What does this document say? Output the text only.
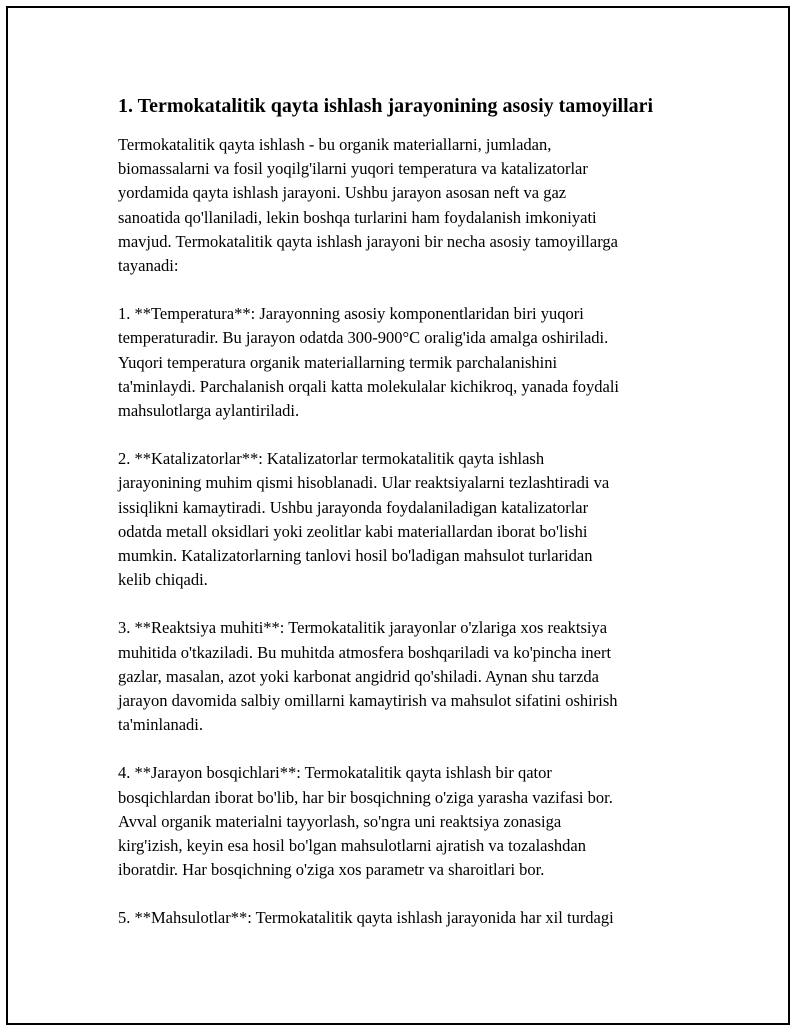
1. Termokatalitik qayta ishlash jarayonining asosiy tamoyillari

Termokatalitik qayta ishlash - bu organik materiallarni, jumladan,
biomassalarni va fosil yoqilg'ilarni yuqori temperatura va katalizatorlar
yordamida qayta ishlash jarayoni. Ushbu jarayon asosan neft va gaz
sanoatida qo'llaniladi, lekin boshqa turlarini ham foydalanish imkoniyati
mavjud. Termokatalitik qayta ishlash jarayoni bir necha asosiy tamoyillarga
tayanadi:

1. **Temperatura**: Jarayonning asosiy komponentlaridan biri yuqori
temperaturadir. Bu jarayon odatda 300-900°C oralig'ida amalga oshiriladi.
Yuqori temperatura organik materiallarning termik parchalanishini
ta'minlaydi. Parchalanish orqali katta molekulalar kichikroq, yanada foydali
mahsulotlarga aylantiriladi.

2. **Katalizatorlar**: Katalizatorlar termokatalitik qayta ishlash
jarayonining muhim qismi hisoblanadi. Ular reaktsiyalarni tezlashtiradi va
issiqlikni kamaytiradi. Ushbu jarayonda foydalaniladigan katalizatorlar
odatda metall oksidlari yoki zeolitlar kabi materiallardan iborat bo'lishi
mumkin. Katalizatorlarning tanlovi hosil bo'ladigan mahsulot turlaridan
kelib chiqadi.

3. **Reaktsiya muhiti**: Termokatalitik jarayonlar o'zlariga xos reaktsiya
muhitida o'tkaziladi. Bu muhitda atmosfera boshqariladi va ko'pincha inert
gazlar, masalan, azot yoki karbonat angidrid qo'shiladi. Aynan shu tarzda
jarayon davomida salbiy omillarni kamaytirish va mahsulot sifatini oshirish
ta'minlanadi.

4. **Jarayon bosqichlari**: Termokatalitik qayta ishlash bir qator
bosqichlardan iborat bo'lib, har bir bosqichning o'ziga yarasha vazifasi bor.
Avval organik materialni tayyorlash, so'ngra uni reaktsiya zonasiga
kirg'izish, keyin esa hosil bo'lgan mahsulotlarni ajratish va tozalashdan
iboratdir. Har bosqichning o'ziga xos parametr va sharoitlari bor.

5. **Mahsulotlar**: Termokatalitik qayta ishlash jarayonida har xil turdagi
